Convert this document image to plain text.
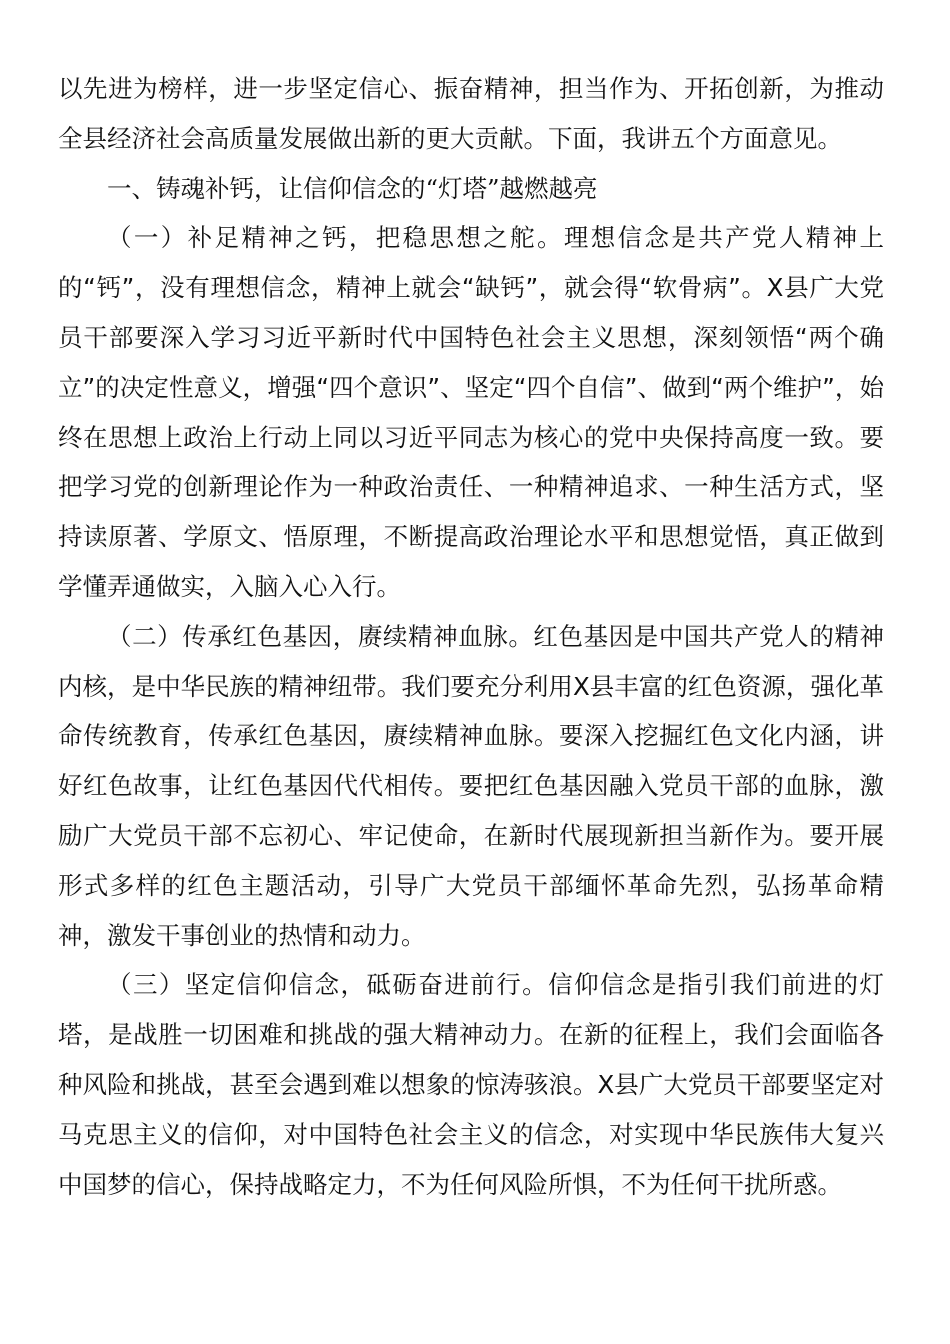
以先进为榜样，进一步坚定信心、振奋精神，担当作为、开拓创新，为推动全县经济社会高质量发展做出新的更大贡献。下面，我讲五个方面意见。

一、铸魂补钙，让信仰信念的“灯塔”越燃越亮

（一）补足精神之钙，把稳思想之舵。理想信念是共产党人精神上的“钙”，没有理想信念，精神上就会“缺钙”，就会得“软骨病”。X县广大党员干部要深入学习习近平新时代中国特色社会主义思想，深刻领悟“两个确立”的决定性意义，增强“四个意识”、坚定“四个自信”、做到“两个维护”，始终在思想上政治上行动上同以习近平同志为核心的党中央保持高度一致。要把学习党的创新理论作为一种政治责任、一种精神追求、一种生活方式，坚持读原著、学原文、悟原理，不断提高政治理论水平和思想觉悟，真正做到学懂弄通做实，入脑入心入行。

（二）传承红色基因，赓续精神血脉。红色基因是中国共产党人的精神内核，是中华民族的精神纽带。我们要充分利用X县丰富的红色资源，强化革命传统教育，传承红色基因，赓续精神血脉。要深入挖掘红色文化内涵，讲好红色故事，让红色基因代代相传。要把红色基因融入党员干部的血脉，激励广大党员干部不忘初心、牢记使命，在新时代展现新担当新作为。要开展形式多样的红色主题活动，引导广大党员干部缅怀革命先烈，弘扬革命精神，激发干事创业的热情和动力。

（三）坚定信仰信念，砥砺奋进前行。信仰信念是指引我们前进的灯塔，是战胜一切困难和挑战的强大精神动力。在新的征程上，我们会面临各种风险和挑战，甚至会遇到难以想象的惊涛骇浪。X县广大党员干部要坚定对马克思主义的信仰，对中国特色社会主义的信念，对实现中华民族伟大复兴中国梦的信心，保持战略定力，不为任何风险所惧，不为任何干扰所惑。
